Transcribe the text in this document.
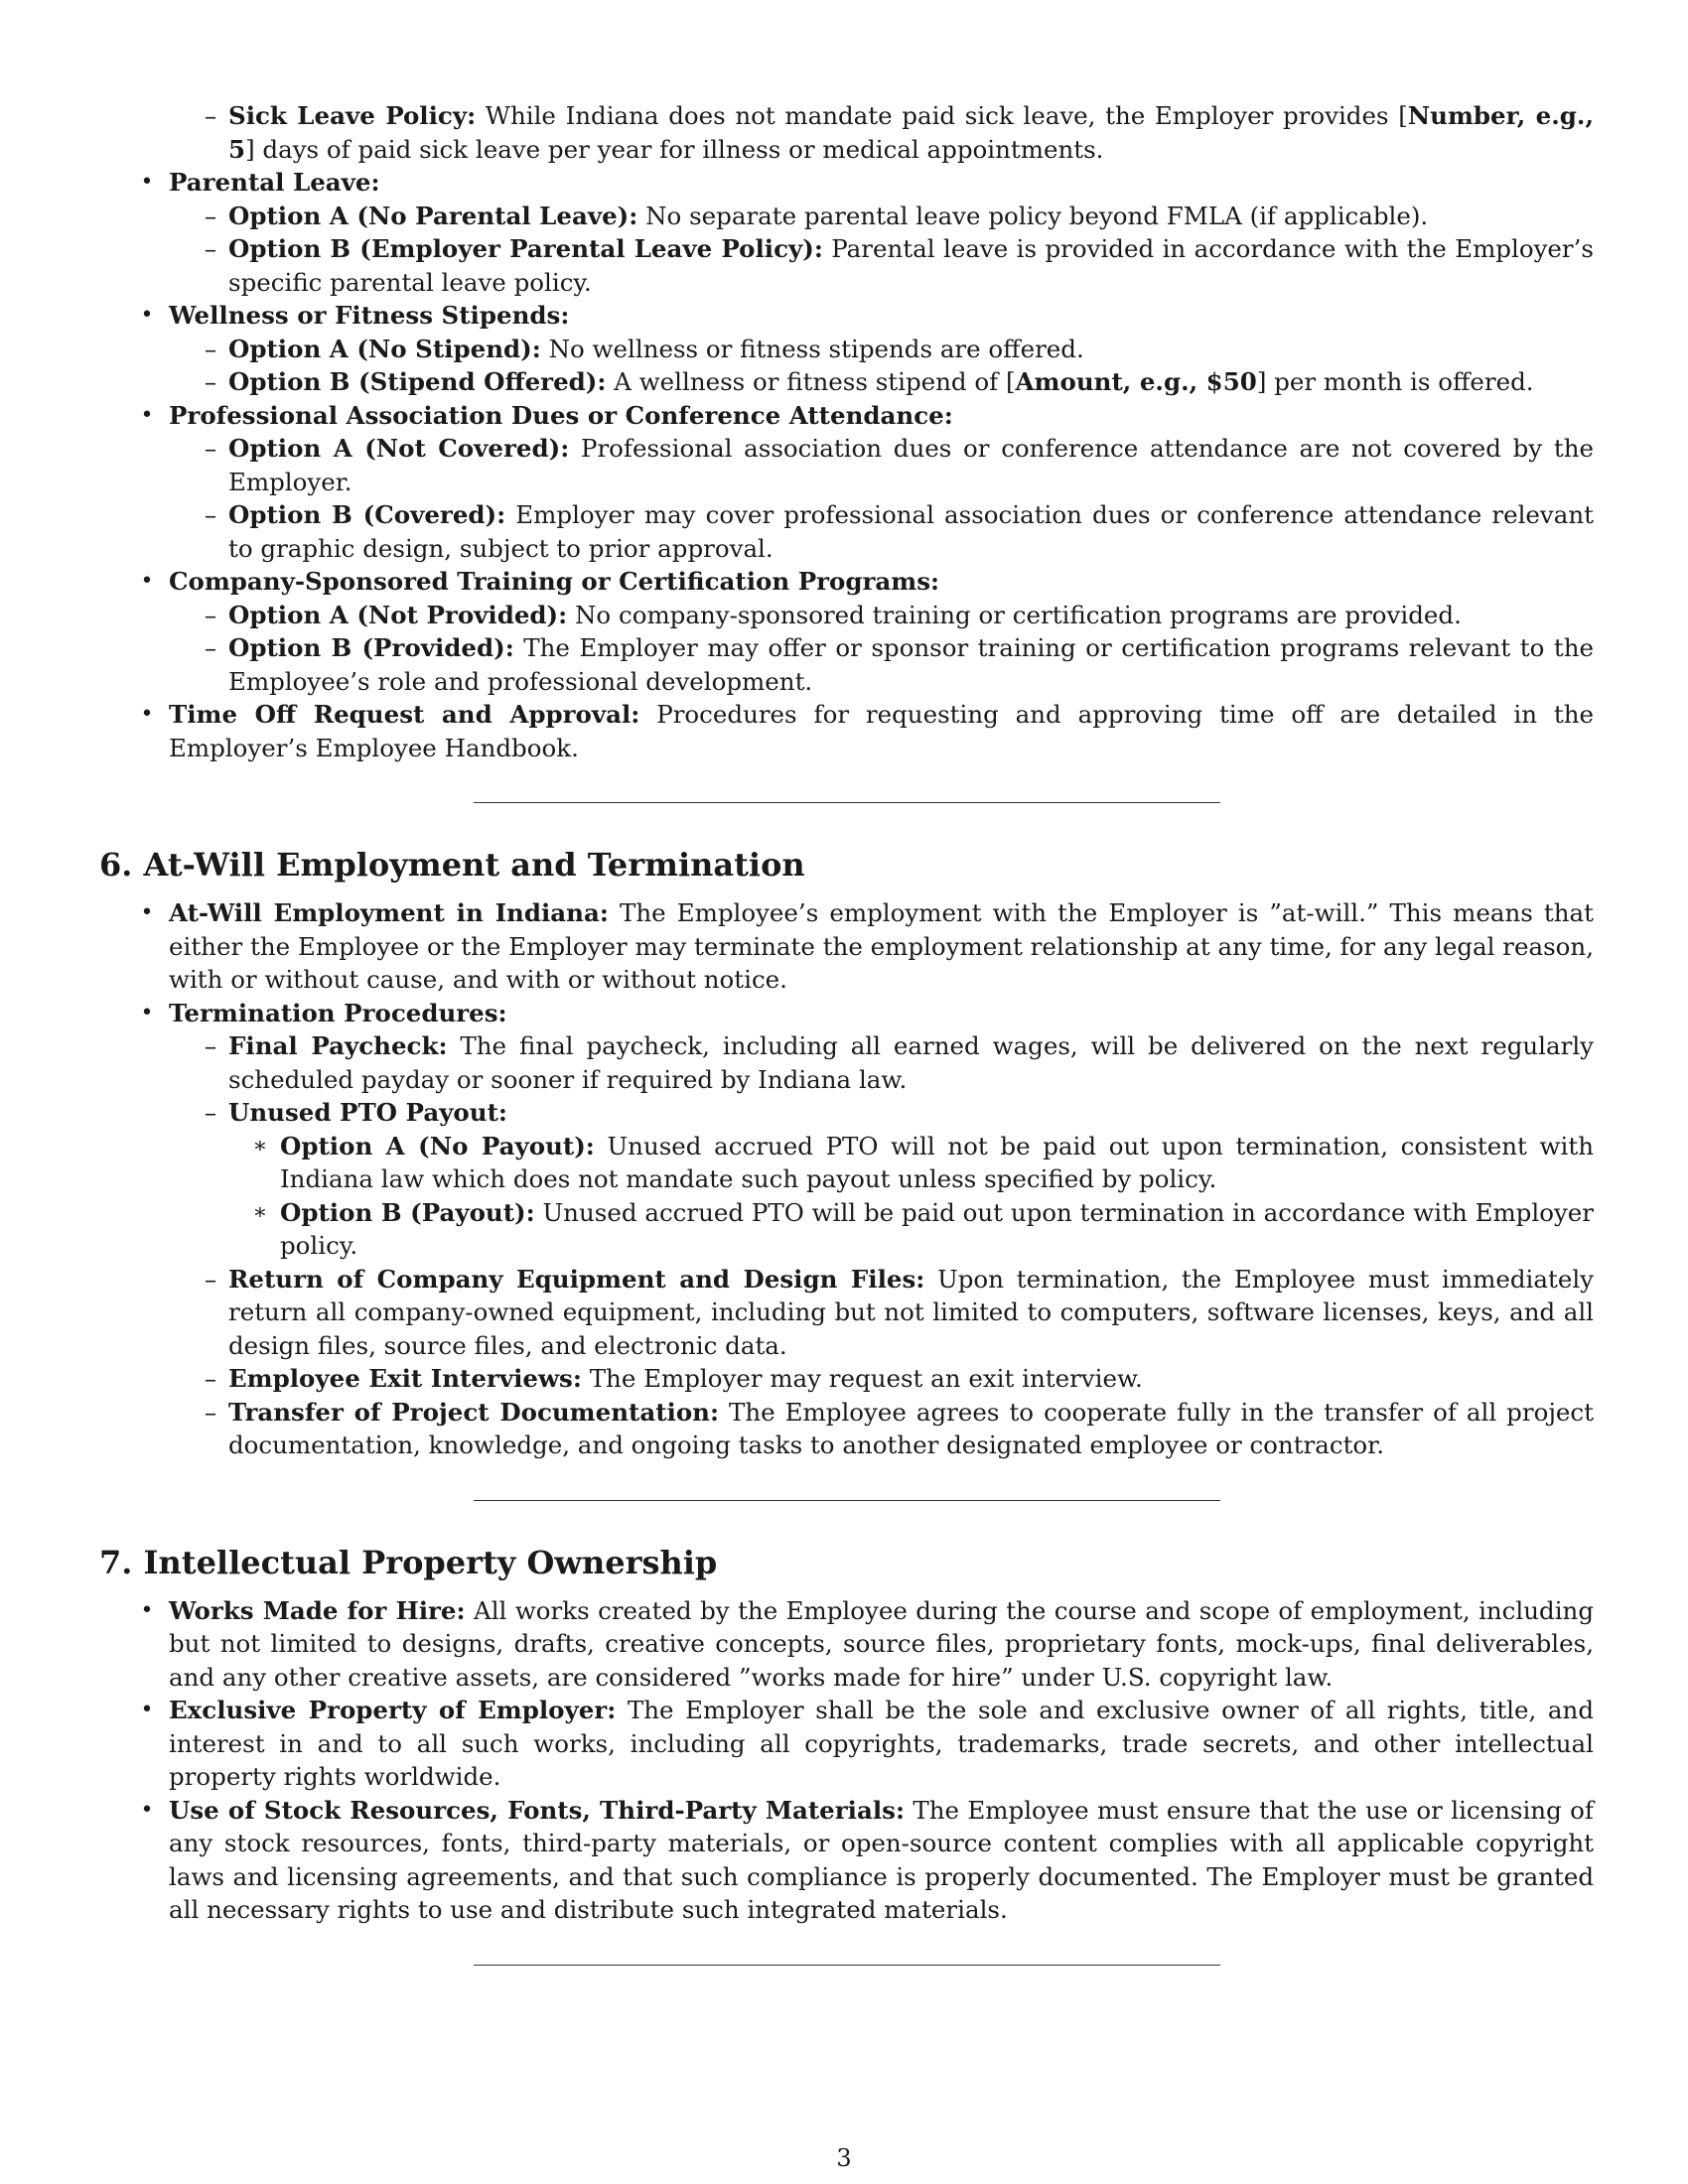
– Sick Leave Policy: While Indiana does not mandate paid sick leave, the Employer provides [Number, e.g., 5] days of paid sick leave per year for illness or medical appointments.
• Parental Leave:
– Option A (No Parental Leave): No separate parental leave policy beyond FMLA (if applicable).
– Option B (Employer Parental Leave Policy): Parental leave is provided in accordance with the Employer’s specific parental leave policy.
• Wellness or Fitness Stipends:
– Option A (No Stipend): No wellness or fitness stipends are offered.
– Option B (Stipend Offered): A wellness or fitness stipend of [Amount, e.g., $50] per month is offered.
• Professional Association Dues or Conference Attendance:
– Option A (Not Covered): Professional association dues or conference attendance are not covered by the Employer.
– Option B (Covered): Employer may cover professional association dues or conference attendance relevant to graphic design, subject to prior approval.
• Company-Sponsored Training or Certification Programs:
– Option A (Not Provided): No company-sponsored training or certification programs are provided.
– Option B (Provided): The Employer may offer or sponsor training or certification programs relevant to the Employee’s role and professional development.
• Time Off Request and Approval: Procedures for requesting and approving time off are detailed in the Employer’s Employee Handbook.
6. At-Will Employment and Termination
• At-Will Employment in Indiana: The Employee’s employment with the Employer is ”at-will.” This means that either the Employee or the Employer may terminate the employment relationship at any time, for any legal reason, with or without cause, and with or without notice.
• Termination Procedures:
– Final Paycheck: The final paycheck, including all earned wages, will be delivered on the next regularly scheduled payday or sooner if required by Indiana law.
– Unused PTO Payout:
∗ Option A (No Payout): Unused accrued PTO will not be paid out upon termination, consistent with Indiana law which does not mandate such payout unless specified by policy.
∗ Option B (Payout): Unused accrued PTO will be paid out upon termination in accordance with Employer policy.
– Return of Company Equipment and Design Files: Upon termination, the Employee must immediately return all company-owned equipment, including but not limited to computers, software licenses, keys, and all design files, source files, and electronic data.
– Employee Exit Interviews: The Employer may request an exit interview.
– Transfer of Project Documentation: The Employee agrees to cooperate fully in the transfer of all project documentation, knowledge, and ongoing tasks to another designated employee or contractor.
7. Intellectual Property Ownership
• Works Made for Hire: All works created by the Employee during the course and scope of employment, including but not limited to designs, drafts, creative concepts, source files, proprietary fonts, mock-ups, final deliverables, and any other creative assets, are considered ”works made for hire” under U.S. copyright law.
• Exclusive Property of Employer: The Employer shall be the sole and exclusive owner of all rights, title, and interest in and to all such works, including all copyrights, trademarks, trade secrets, and other intellectual property rights worldwide.
• Use of Stock Resources, Fonts, Third-Party Materials: The Employee must ensure that the use or licensing of any stock resources, fonts, third-party materials, or open-source content complies with all applicable copyright laws and licensing agreements, and that such compliance is properly documented. The Employer must be granted all necessary rights to use and distribute such integrated materials.
3
